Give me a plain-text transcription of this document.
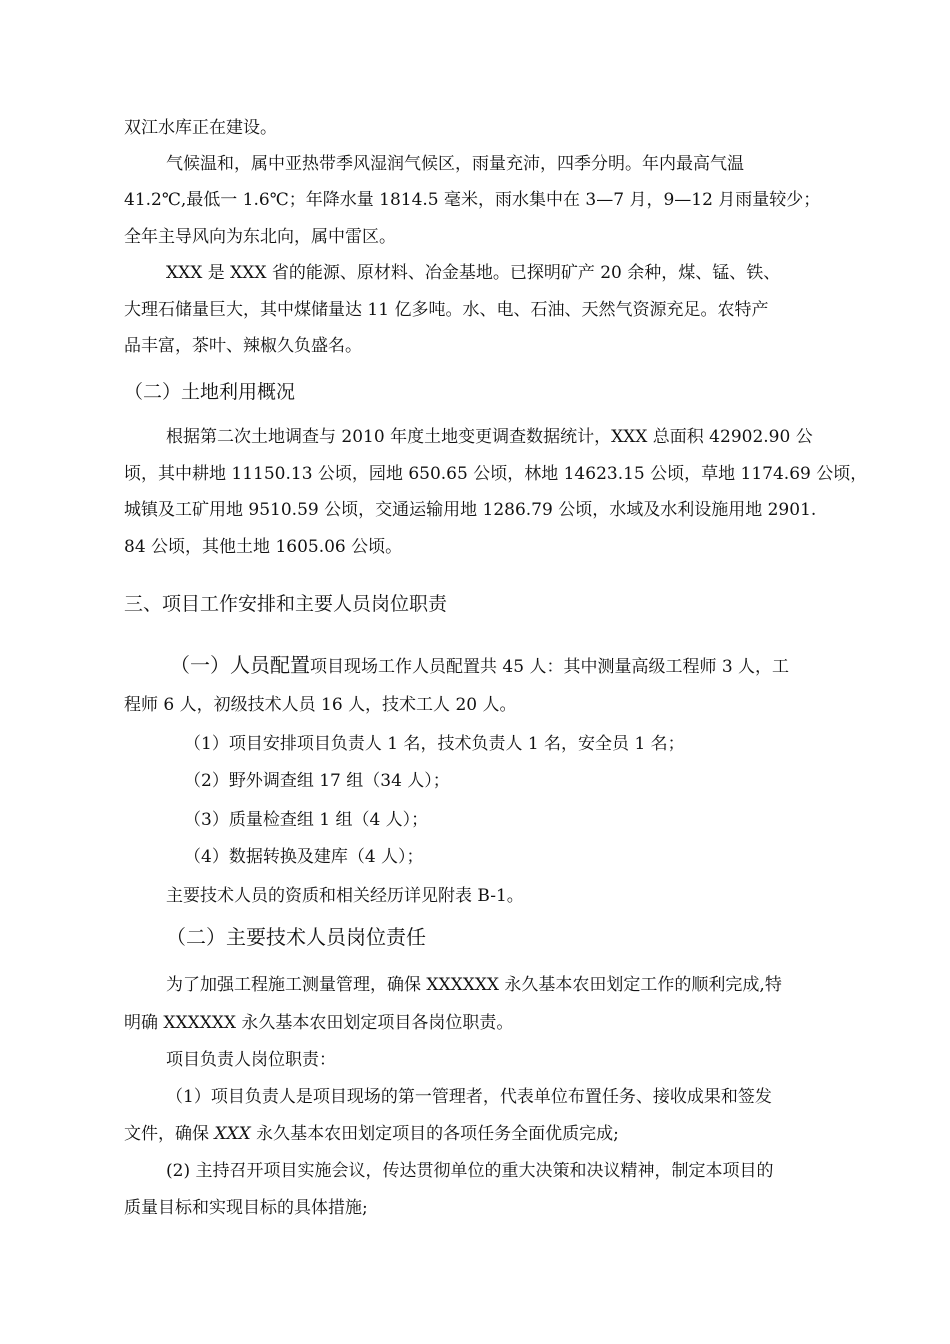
双江水库正在建设。
气候温和，属中亚热带季风湿润气候区，雨量充沛，四季分明。年内最高气温
41.2℃,最低一 1.6℃；年降水量 1814.5 毫米，雨水集中在 3—7 月，9—12 月雨量较少；
全年主导风向为东北向，属中雷区。
XXX 是 XXX 省的能源、原材料、冶金基地。已探明矿产 20 余种，煤、锰、铁、
大理石储量巨大，其中煤储量达 11 亿多吨。水、电、石油、天然气资源充足。农特产
品丰富，茶叶、辣椒久负盛名。
（二）土地利用概况
根据第二次土地调查与 2010 年度土地变更调查数据统计，XXX 总面积 42902.90 公
顷，其中耕地 11150.13 公顷，园地 650.65 公顷，林地 14623.15 公顷，草地 1174.69 公顷，
城镇及工矿用地 9510.59 公顷，交通运输用地 1286.79 公顷，水域及水利设施用地 2901.
84 公顷，其他土地 1605.06 公顷。
三、项目工作安排和主要人员岗位职责
（一）人员配置项目现场工作人员配置共 45 人：其中测量高级工程师 3 人，工
程师 6 人，初级技术人员 16 人，技术工人 20 人。
（1）项目安排项目负责人 1 名，技术负责人 1 名，安全员 1 名；
（2）野外调查组 17 组（34 人）；
（3）质量检查组 1 组（4 人）；
（4）数据转换及建库（4 人）；
主要技术人员的资质和相关经历详见附表 B-1。
（二）主要技术人员岗位责任
为了加强工程施工测量管理，确保 XXXXXX 永久基本农田划定工作的顺利完成,特
明确 XXXXXX 永久基本农田划定项目各岗位职责。
项目负责人岗位职责：
（1）项目负责人是项目现场的第一管理者，代表单位布置任务、接收成果和签发
文件，确保 XXX 永久基本农田划定项目的各项任务全面优质完成;
(2) 主持召开项目实施会议，传达贯彻单位的重大决策和决议精神，制定本项目的
质量目标和实现目标的具体措施;
